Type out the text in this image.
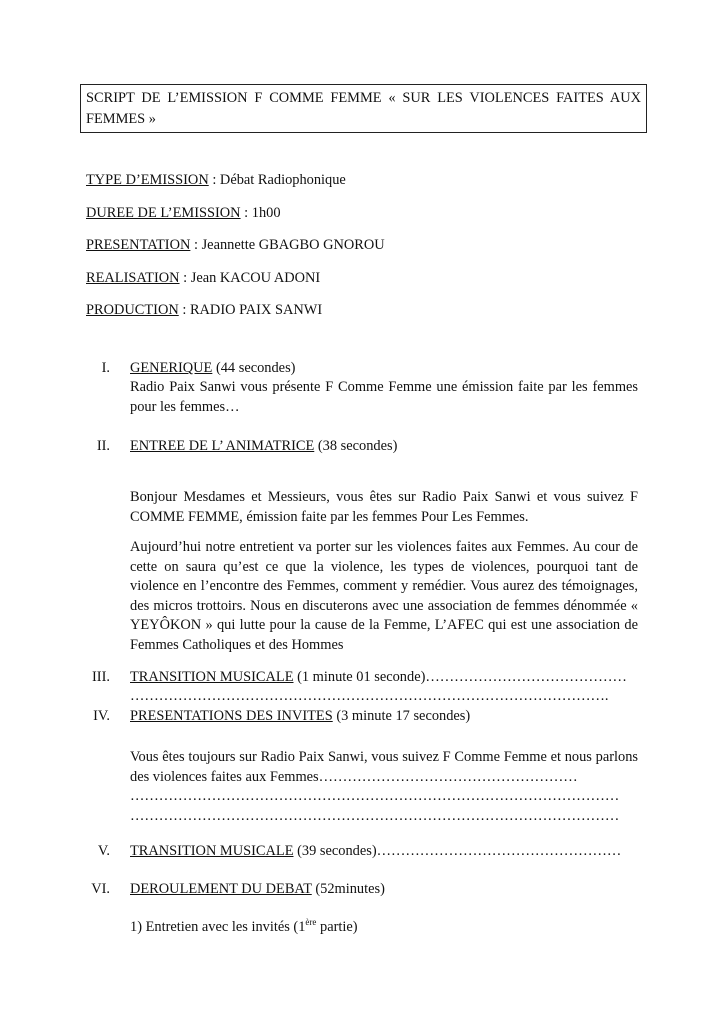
SCRIPT DE L’EMISSION F COMME FEMME « SUR LES VIOLENCES FAITES AUX FEMMES »
TYPE D’EMISSION : Débat Radiophonique
DUREE DE L’EMISSION : 1h00
PRESENTATION : Jeannette GBAGBO GNOROU
REALISATION : Jean KACOU ADONI
PRODUCTION : RADIO PAIX SANWI
I. GENERIQUE (44 secondes)
Radio Paix Sanwi vous présente F Comme Femme une émission faite par les femmes pour les femmes…
II. ENTREE DE L’ ANIMATRICE (38 secondes)
Bonjour Mesdames et Messieurs, vous êtes sur Radio Paix Sanwi et vous suivez F COMME FEMME, émission faite par les femmes Pour Les Femmes.
Aujourd’hui notre entretient va porter sur les violences faites aux Femmes. Au cour de cette on saura qu’est ce que la violence, les types de violences, pourquoi tant de violence en l’encontre des Femmes, comment y remédier. Vous aurez des témoignages, des micros trottoirs. Nous en discuterons avec une association de femmes dénommée « YEYÔKON » qui lutte pour la cause de la Femme, L’AFEC qui est une association de Femmes Catholiques et des Hommes
III. TRANSITION MUSICALE (1 minute 01 seconde)……………………………………
……………………………………………………………………………………….
IV. PRESENTATIONS DES INVITES (3 minute 17 secondes)
Vous êtes toujours sur Radio Paix Sanwi, vous suivez F Comme Femme et nous parlons des violences faites aux Femmes………………………………………………
…………………………………………………………………………………………
…………………………………………………………………………………………
V. TRANSITION MUSICALE (39 secondes)……………………………………………
VI. DEROULEMENT DU DEBAT (52minutes)
1) Entretien avec les invités (1ère partie)
